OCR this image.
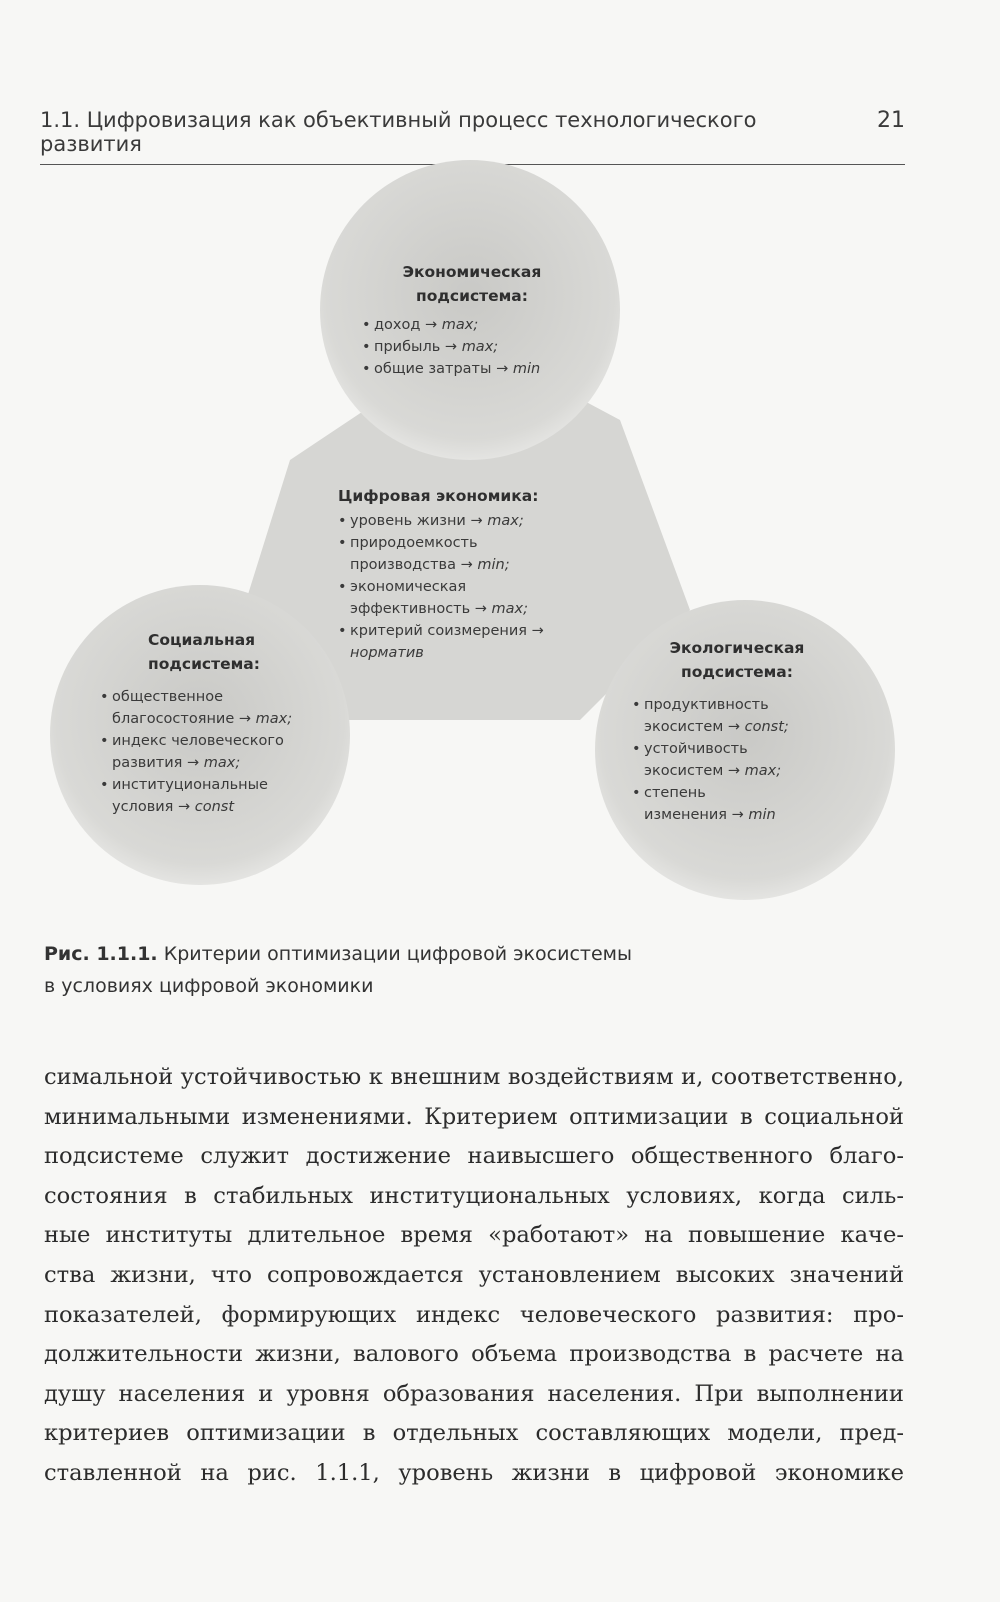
1.1. Цифровизация как объективный процесс технологического развития
21
Экономическая
подсистема:
• доход → max;
• прибыль → max;
• общие затраты → min
Цифровая экономика:
• уровень жизни → max;
• природоемкость
производства → min;
• экономическая
эффективность → max;
• критерий соизмерения →
норматив
Социальная
подсистема:
• общественное
благосостояние → max;
• индекс человеческого
развития → max;
• институциональные
условия → const
Экологическая
подсистема:
• продуктивность
экосистем → const;
• устойчивость
экосистем → max;
• степень
изменения → min
Рис. 1.1.1. Критерии оптимизации цифровой экосистемы
в условиях цифровой экономики
симальной устойчивостью к внешним воздействиям и, соответственно,
минимальными изменениями. Критерием оптимизации в социальной
подсистеме служит достижение наивысшего общественного благо-
состояния в стабильных институциональных условиях, когда силь-
ные институты длительное время «работают» на повышение каче-
ства жизни, что сопровождается установлением высоких значений
показателей, формирующих индекс человеческого развития: про-
должительности жизни, валового объема производства в расчете на
душу населения и уровня образования населения. При выполнении
критериев оптимизации в отдельных составляющих модели, пред-
ставленной на рис. 1.1.1, уровень жизни в цифровой экономике
